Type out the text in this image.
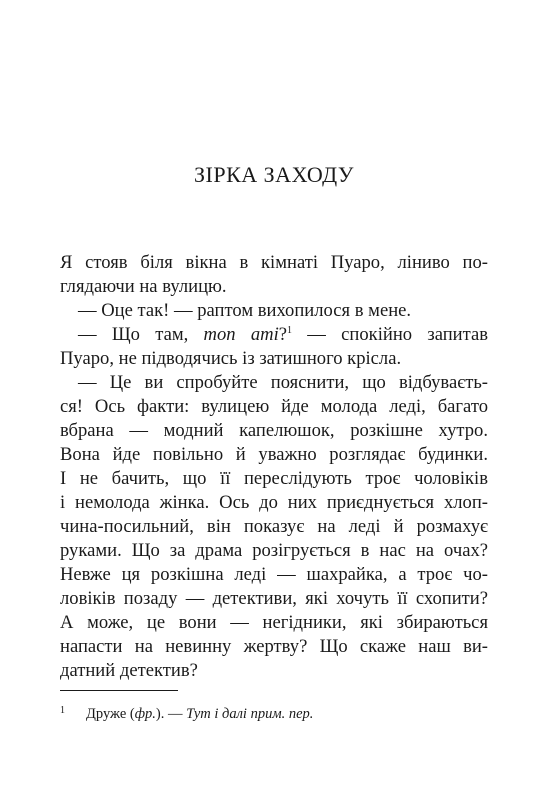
ЗІРКА ЗАХОДУ
Я стояв біля вікна в кімнаті Пуаро, ліниво по-
глядаючи на вулицю.
— Оце так! — раптом вихопилося в мене.
— Що там, mon ami?$^1$ — спокійно запитав
Пуаро, не підводячись із затишного крісла.
— Це ви спробуйте пояснити, що відбуваєть-
ся! Ось факти: вулицею йде молода леді, багато
вбрана — модний капелюшок, розкішне хутро.
Вона йде повільно й уважно розглядає будинки.
І не бачить, що її переслідують троє чоловіків
і немолода жінка. Ось до них приєднується хлоп-
чина-посильний, він показує на леді й розмахує
руками. Що за драма розігрується в нас на очах?
Невже ця розкішна леді — шахрайка, а троє чо-
ловіків позаду — детективи, які хочуть її схопити?
А може, це вони — негідники, які збираються
напасти на невинну жертву? Що скаже наш ви-
датний детектив?
1 Друже (фр.). — Тут і далі прим. пер.
